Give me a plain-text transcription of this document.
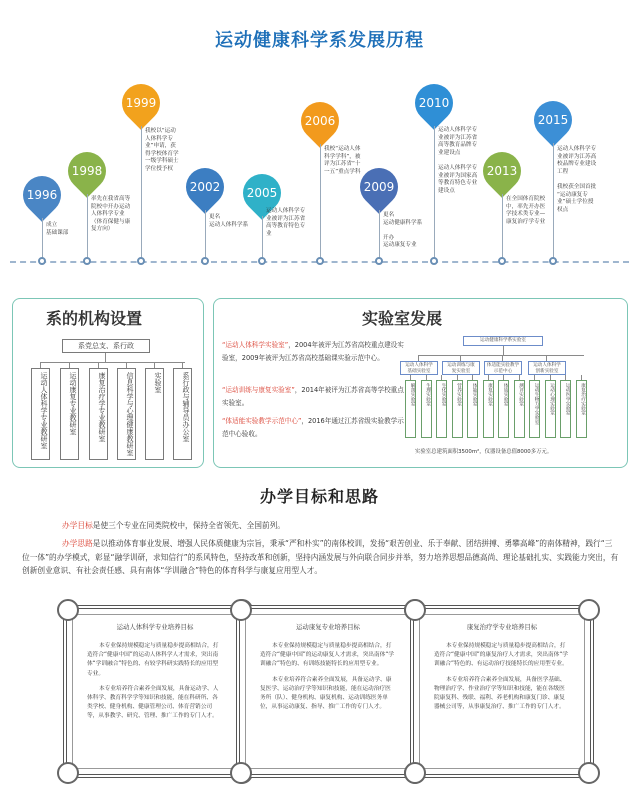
运动健康科学系发展历程
1996
成立
基础课部
1998
率先在我省高等
院校中开办运动
人体科学专业
（体育保健与康
复方向）
1999
我校以“运动
人体科学专
业”申请，获
得学校体育学
一级学科硕士
学位授予权
2002
更名
运动人体科学系
2005
运动人体科学专
业被评为江苏省
高等教育特色专
业
2006
我校“运动人体
科学学科”，被
评为江苏省“十
一五”重点学科
2009
更名
运动健康科学系

开办
运动康复专业
2010
运动人体科学专
业被评为江苏省
高等教育品牌专
业建设点

运动人体科学专
业被评为国家高
等教育特色专业
建设点
2013
在全国体育院校
中，率先开办医
学技术类专业—
康复治疗学专业
2015
运动人体科学专
业被评为江苏高
校品牌专业建设
工程

我校获全国首批
“运动康复专
业”硕士学位授
权点
系的机构设置
系党总支、系行政
运动人体科学专业教研室	运动康复专业教研室	康复治疗学专业教研室	信息科学与心理健康教研室	实验室	系行政与辅导员办公室
实验室发展
“运动人体科学实验室”，2004年被评为江苏省高校重点建设实验室，2009年被评为江苏省高校基础课实验示范中心。
“运动训练与康复实验室”，2014年被评为江苏省高等学校重点实验室。
“体适能实验教学示范中心”，2016年通过江苏省级实验教学示范中心验收。
运动健康科学系实验室
实验室总建筑面积3500m²，仪器设备总值8000多万元。
运动人体科学
基础实验室
运动训练与康
复实验室
体适能实验教学
示范中心
运动人体科学
创新实验室
解剖实验室	生理实验室	生化实验室	营养实验室	体能实验室	康复实验室	体质实验室	测评实验室	运动生物力学实验室	运动心理实验室	运动医学实验室	康复治疗实验室
办学目标和思路
办学目标是使三个专业在同类院校中，保持全省领先、全国前列。
办学思路是以推动体育事业发展、增强人民体质健康为宗旨，秉承“严和朴实”的南体校训，发扬“艰苦创业、乐于奉献、团结拼搏、勇攀高峰”的南体精神，践行“三位一体”的办学模式，彰显“融学训研，求知信行”的系风特色，坚持改革和创新，坚持内涵发展与外向联合同步并举，努力培养思想品德高尚、理论基础扎实、实践能力突出，有创新创业意识、有社会责任感、具有南体“学训融合”特色的体育科学与康复应用型人才。
运动人体科学专业培养目标
本专业保持规模稳定与质量稳步提高相结合，打造符合“健康中国”的运动人体科学人才需求，突出南体“学训融合”特色的、有较学科研实践特长的应用型专业。
本专业培养符合素养全面发展，具备运动学、人体科学、教育科学学等知识和技能，能在科研所、各类学校、健身机构、健康管理公司、体育营销公司等，从事教学、研究、管理、推广工作的专门人才。
运动康复专业培养目标
本专业保持规模稳定与质量稳步提高相结合，打造符合“健康中国”的运动康复人才需求，突出南体“学训融合”特色的、有训练技能特长的应用型专业。
本专业培养符合素养全面发展，具备运动学、康复医学、运动治疗学等知识和技能，能在运动治疗医务所（队）、健身机构、康复机构、运动训练医务单位，从事运动康复、指导、推广工作的专门人才。
康复治疗学专业培养目标
本专业保持规模稳定与质量稳步提高相结合，打造符合“健康中国”的康复治疗人才需求，突出南体“学训融合”特色的、有运动治疗技能特长的应用型专业。
本专业培养符合素养全面发展，具备医学基础、物理治疗学、作业治疗学等知识和技能，能在各级医院康复科、残联、福利、养老机构和康复门诊、康复器械公司等，从事康复治疗、推广工作的专门人才。
